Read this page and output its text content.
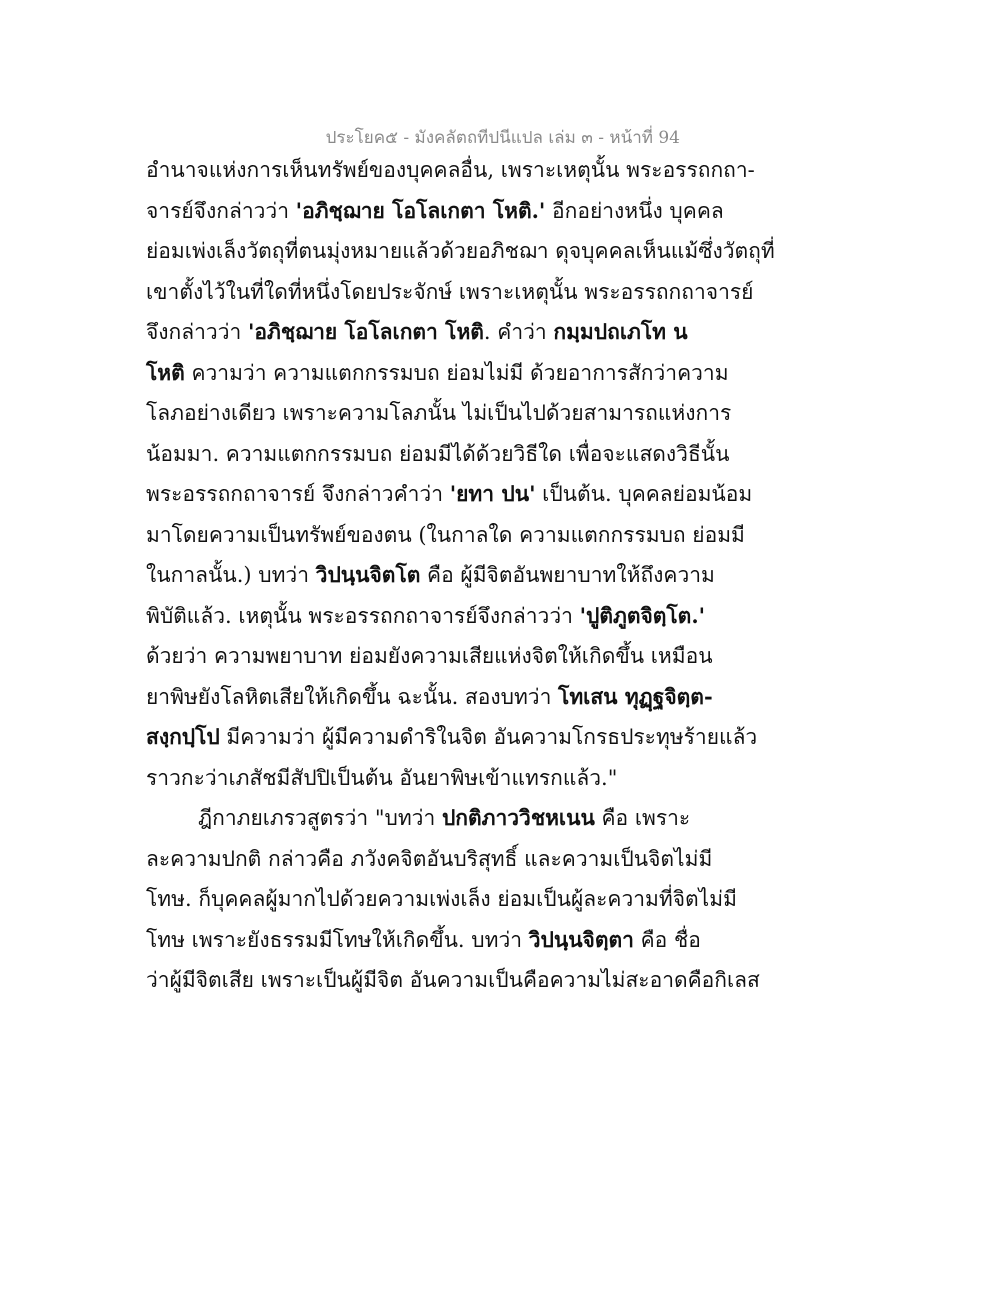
ประโยค๕ - มังคลัตถทีปนีแปล เล่ม ๓ - หน้าที่ 94
อำนาจแห่งการเห็นทรัพย์ของบุคคลอื่น, เพราะเหตุนั้น พระอรรถกถา-
จารย์จึงกล่าวว่า 'อภิชฺฌาย โอโลเกตา โหติ.' อีกอย่างหนึ่ง บุคคล
ย่อมเพ่งเล็งวัตถุที่ตนมุ่งหมายแล้วด้วยอภิชฌา ดุจบุคคลเห็นแม้ซึ่งวัตถุที่
เขาตั้งไว้ในที่ใดที่หนึ่งโดยประจักษ์ เพราะเหตุนั้น พระอรรถกถาจารย์
จึงกล่าวว่า 'อภิชฺฌาย โอโลเกตา โหติ. คำว่า กมฺมปถเภโท น
โหติ ความว่า ความแตกกรรมบถ ย่อมไม่มี ด้วยอาการสักว่าความ
โลภอย่างเดียว เพราะความโลภนั้น ไม่เป็นไปด้วยสามารถแห่งการ
น้อมมา. ความแตกกรรมบถ ย่อมมีได้ด้วยวิธีใด เพื่อจะแสดงวิธีนั้น
พระอรรถกถาจารย์ จึงกล่าวคำว่า 'ยทา ปน' เป็นต้น. บุคคลย่อมน้อม
มาโดยความเป็นทรัพย์ของตน (ในกาลใด ความแตกกรรมบถ ย่อมมี
ในกาลนั้น.) บทว่า วิปนฺนจิตโต คือ ผู้มีจิตอันพยาบาทให้ถึงความ
พิบัติแล้ว. เหตุนั้น พระอรรถกถาจารย์จึงกล่าวว่า 'ปูติภูตจิตฺโต.'
ด้วยว่า ความพยาบาท ย่อมยังความเสียแห่งจิตให้เกิดขึ้น เหมือน
ยาพิษยังโลหิตเสียให้เกิดขึ้น ฉะนั้น. สองบทว่า โทเสน ทุฏฺฐจิตฺต-
สงฺกปฺโป มีความว่า ผู้มีความดำริในจิต อันความโกรธประทุษร้ายแล้ว
ราวกะว่าเภสัชมีสัปปิเป็นต้น อันยาพิษเข้าแทรกแล้ว."
ฎีกาภยเภรวสูตรว่า "บทว่า ปกติภาววิชหเนน คือ เพราะ
ละความปกติ กล่าวคือ ภวังคจิตอันบริสุทธิ์ และความเป็นจิตไม่มี
โทษ. ก็บุคคลผู้มากไปด้วยความเพ่งเล็ง ย่อมเป็นผู้ละความที่จิตไม่มี
โทษ เพราะยังธรรมมีโทษให้เกิดขึ้น. บทว่า วิปนฺนจิตฺตา คือ ชื่อ
ว่าผู้มีจิตเสีย เพราะเป็นผู้มีจิต อันความเป็นคือความไม่สะอาดคือกิเลส
